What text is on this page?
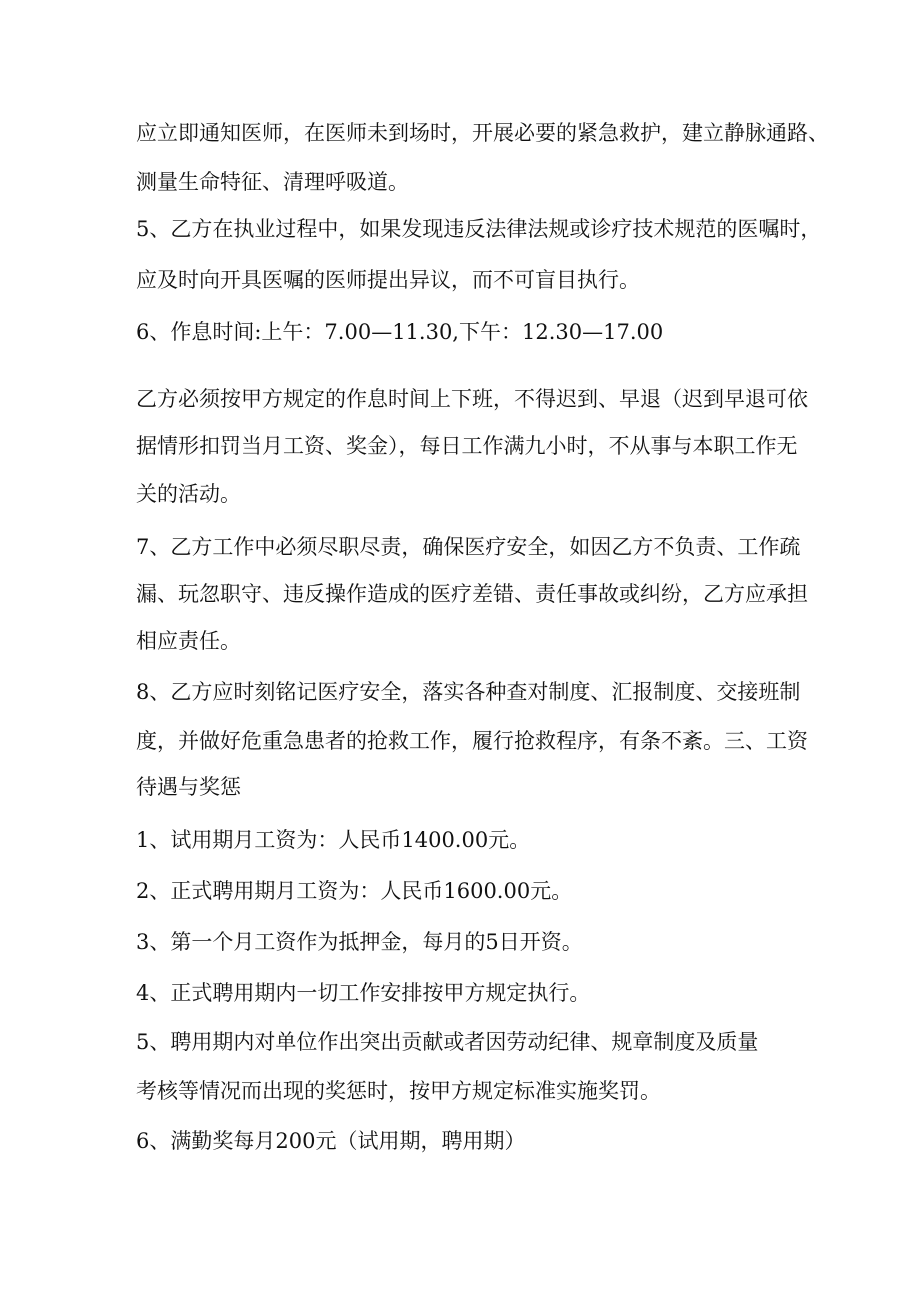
应立即通知医师，在医师未到场时，开展必要的紧急救护，建立静脉通路、
测量生命特征、清理呼吸道。
5、乙方在执业过程中，如果发现违反法律法规或诊疗技术规范的医嘱时，
应及时向开具医嘱的医师提出异议，而不可盲目执行。
6、作息时间:上午：7.00—11.30,下午：12.30—17.00
乙方必须按甲方规定的作息时间上下班，不得迟到、早退（迟到早退可依
据情形扣罚当月工资、奖金），每日工作满九小时，不从事与本职工作无
关的活动。
7、乙方工作中必须尽职尽责，确保医疗安全，如因乙方不负责、工作疏
漏、玩忽职守、违反操作造成的医疗差错、责任事故或纠纷，乙方应承担
相应责任。
8、乙方应时刻铭记医疗安全，落实各种查对制度、汇报制度、交接班制
度，并做好危重急患者的抢救工作，履行抢救程序，有条不紊。三、工资
待遇与奖惩
1、试用期月工资为：人民币1400.00元。
2、正式聘用期月工资为：人民币1600.00元。
3、第一个月工资作为抵押金，每月的5日开资。
4、正式聘用期内一切工作安排按甲方规定执行。
5、聘用期内对单位作出突出贡献或者因劳动纪律、规章制度及质量
考核等情况而出现的奖惩时，按甲方规定标准实施奖罚。
6、满勤奖每月200元（试用期，聘用期）
